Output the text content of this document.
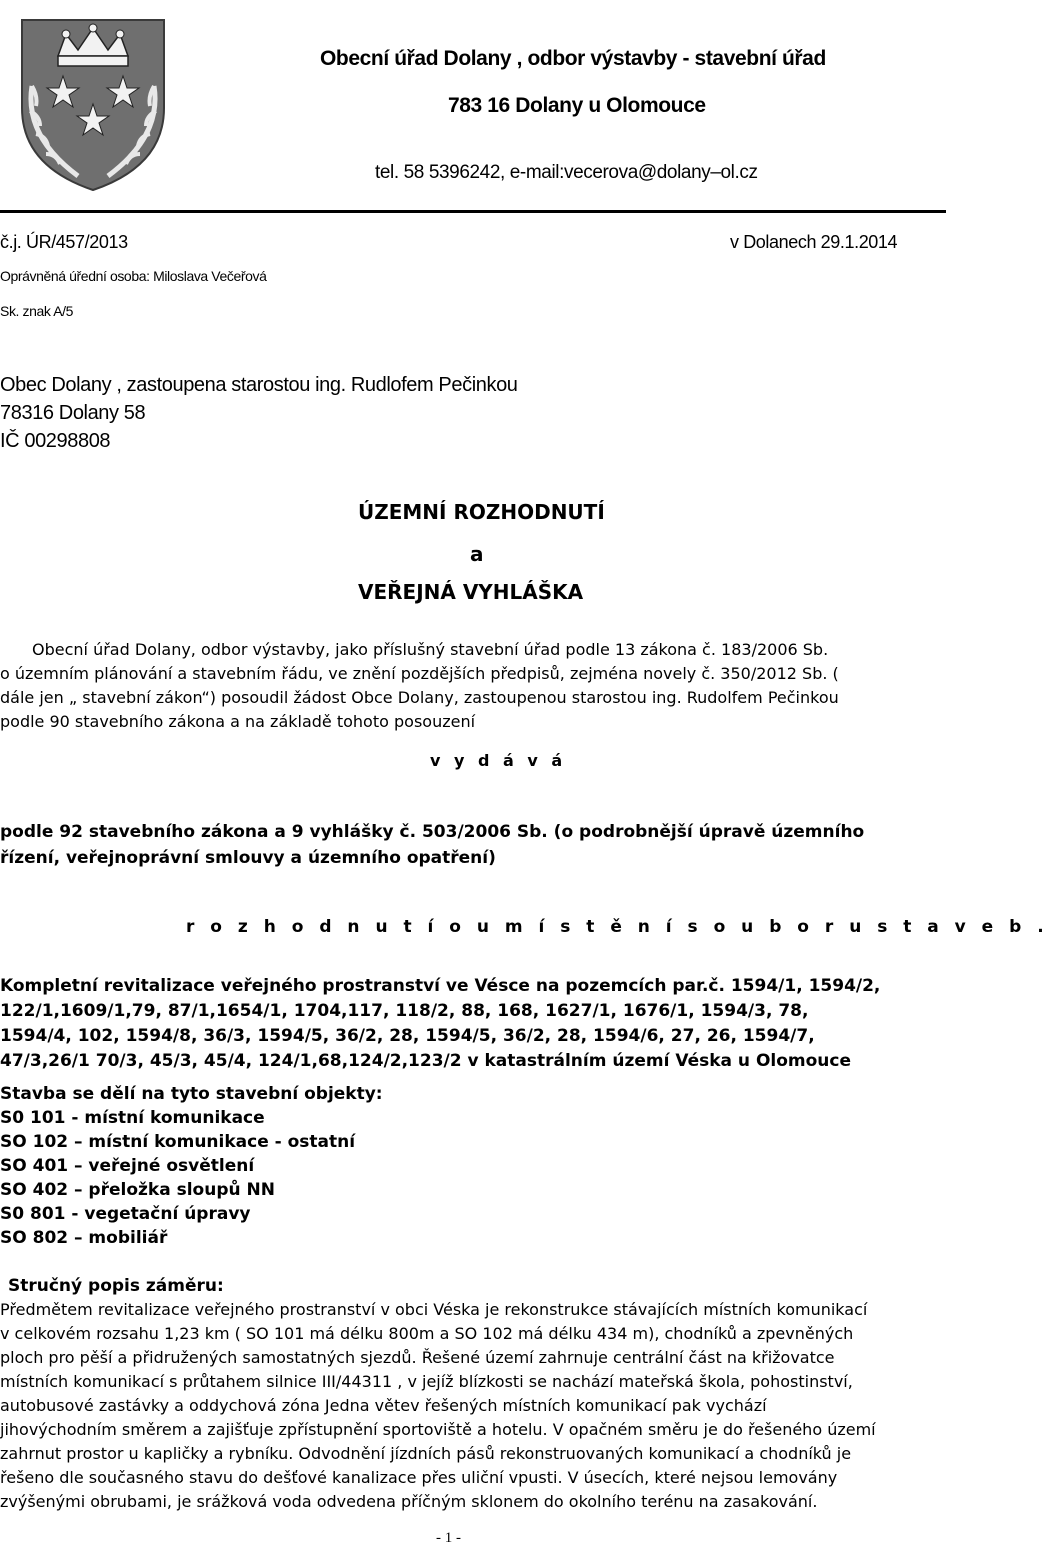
Obecní úřad Dolany , odbor výstavby - stavební úřad
783 16 Dolany u Olomouce
tel. 58 5396242, e-mail:vecerova@dolany–ol.cz
č.j. ÚR/457/2013	v Dolanech 29.1.2014
Oprávněná úřední osoba: Miloslava Večeřová
Sk. znak A/5
Obec Dolany , zastoupena starostou ing. Rudlofem Pečinkou
78316 Dolany 58
IČ 00298808
ÚZEMNÍ ROZHODNUTÍ
a
VEŘEJNÁ VYHLÁŠKA
Obecní úřad Dolany, odbor výstavby, jako příslušný stavební úřad podle 13 zákona č. 183/2006 Sb.
o územním plánování a stavebním řádu, ve znění pozdějších předpisů, zejména novely č. 350/2012 Sb. (
dále jen „ stavební zákon“) posoudil žádost Obce Dolany, zastoupenou starostou ing. Rudolfem Pečinkou
podle 90 stavebního zákona a na základě tohoto posouzení
v y d á v á
podle 92 stavebního zákona a 9 vyhlášky č. 503/2006 Sb. (o podrobnější úpravě územního
řízení, veřejnoprávní smlouvy a územního opatření)
r o z h o d n u t í o u m í s t ě n í s o u b o r u s t a v e b .
Kompletní revitalizace veřejného prostranství ve Vésce na pozemcích par.č. 1594/1, 1594/2,
122/1,1609/1,79, 87/1,1654/1, 1704,117, 118/2, 88, 168, 1627/1, 1676/1, 1594/3, 78,
1594/4, 102, 1594/8, 36/3, 1594/5, 36/2, 28, 1594/5, 36/2, 28, 1594/6, 27, 26, 1594/7,
47/3,26/1 70/3, 45/3, 45/4, 124/1,68,124/2,123/2 v katastrálním území Véska u Olomouce
Stavba se dělí na tyto stavební objekty:
S0 101 - místní komunikace
SO 102 – místní komunikace - ostatní
SO 401 – veřejné osvětlení
SO 402 – přeložka sloupů NN
S0 801 - vegetační úpravy
SO 802 – mobiliář
Stručný popis záměru:
Předmětem revitalizace veřejného prostranství v obci Véska je rekonstrukce stávajících místních komunikací
v celkovém rozsahu 1,23 km ( SO 101 má délku 800m a SO 102 má délku 434 m), chodníků a zpevněných
ploch pro pěší a přidružených samostatných sjezdů. Řešené území zahrnuje centrální část na křižovatce
místních komunikací s průtahem silnice III/44311 , v jejíž blízkosti se nachází mateřská škola, pohostinství,
autobusové zastávky a oddychová zóna Jedna větev řešených místních komunikací pak vychází
jihovýchodním směrem a zajišťuje zpřístupnění sportoviště a hotelu. V opačném směru je do řešeného území
zahrnut prostor u kapličky a rybníku. Odvodnění jízdních pásů rekonstruovaných komunikací a chodníků je
řešeno dle současného stavu do dešťové kanalizace přes uliční vpusti. V úsecích, které nejsou lemovány
zvýšenými obrubami, je srážková voda odvedena příčným sklonem do okolního terénu na zasakování.
- 1 -
